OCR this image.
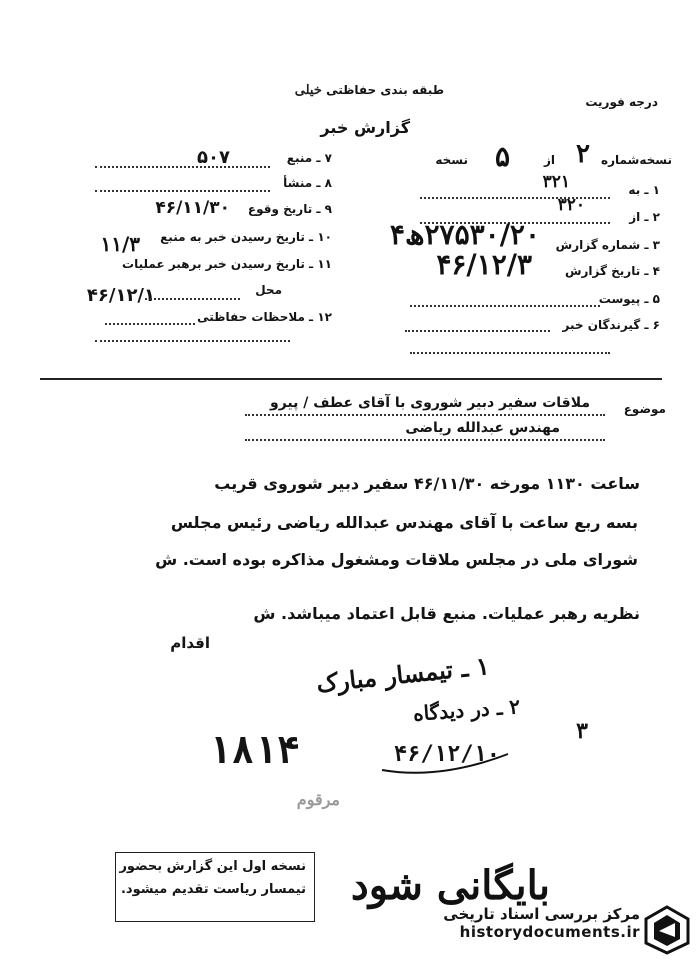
طبقه بندی حفاظتی خیلی
درجه فوریت
گزارش خبر
نسخه‌شماره
۲
از
۵
نسخه
۱ ـ به
۳۲۱
۲ ـ از
۳۲۰
۳ ـ شماره گزارش
۲۷۵۳۰/۲۰ھ۴
۴ ـ تاریخ گزارش
۴۶/۱۲/۳
۵ ـ پیوست
۶ ـ گیرندگان خبر
۷ ـ منبع
۵۰۷
۸ ـ منشأ
۹ ـ تاریخ وقوع
۴۶/۱۱/۳۰
۱۰ ـ تاریخ رسیدن خبر به منبع
۱۱/۳
۱۱ ـ تاریخ رسیدن خبر برهبر عملیات
محل
۴۶/۱۲/۱
۱۲ ـ ملاحظات حفاظتی
موضوع
ملاقات سفیر دبیر شوروی با آقای عطف / پیرو
مهندس عبدالله ریاضی
ساعت ۱۱۳۰ مورخه ۴۶/۱۱/۳۰ سفیر دبیر شوروی قریب
بسه ربع ساعت با آقای مهندس عبدالله ریاضی رئیس مجلس
شورای ملی در مجلس ملاقات ومشغول مذاکره بوده است. ش
نظریه رهبر عملیات. منبع قابل اعتماد میباشد. ش
اقدام
۱ ـ تیمسار مبارک
۲ ـ در دیدگاه
۳
۱۸۱۴	۴۶/۱۲/۱۰
مرقوم
نسخه اول این گزارش بحضور
تیمسار ریاست تقدیم میشود. بایگانی شود
مرکز بررسی اسناد تاریخی
historydocuments.ir
